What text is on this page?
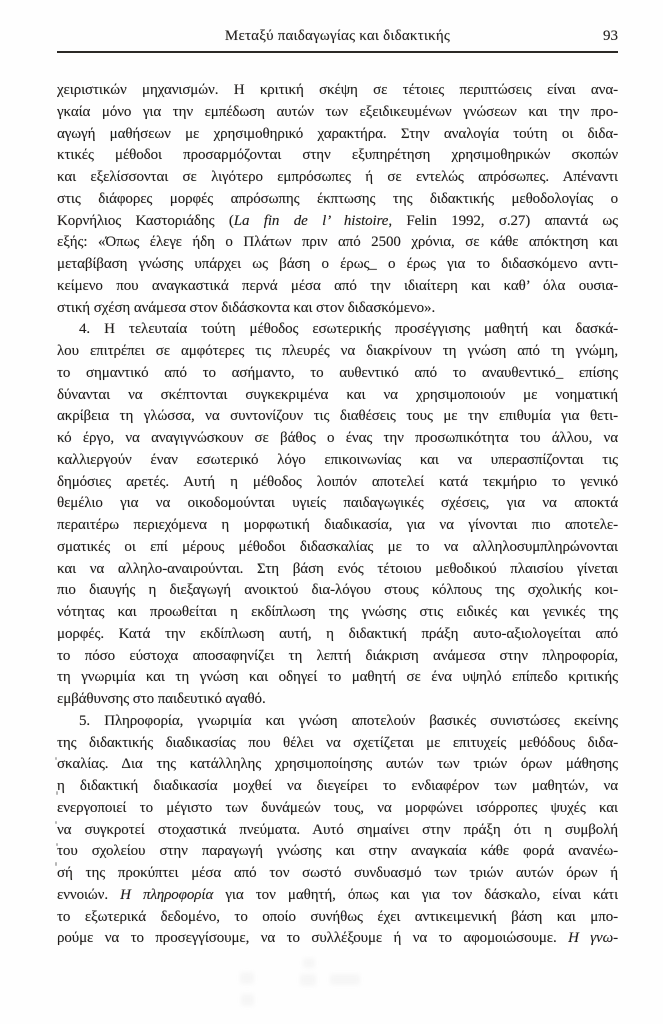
Μεταξύ παιδαγωγίας και διδακτικής	93
χειριστικών μηχανισμών. Η κριτική σκέψη σε τέτοιες περιπτώσεις είναι ανα-
γκαία μόνο για την εμπέδωση αυτών των εξειδικευμένων γνώσεων και την προ-
αγωγή μαθήσεων με χρησιμοθηρικό χαρακτήρα. Στην αναλογία τούτη οι διδα-
κτικές μέθοδοι προσαρμόζονται στην εξυπηρέτηση χρησιμοθηρικών σκοπών
και εξελίσσονται σε λιγότερο εμπρόσωπες ή σε εντελώς απρόσωπες. Απέναντι
στις διάφορες μορφές απρόσωπης έκπτωσης της διδακτικής μεθοδολογίας ο
Κορνήλιος Καστοριάδης (La fin de l’ histoire, Felin 1992, σ.27) απαντά ως
εξής: «Όπως έλεγε ήδη ο Πλάτων πριν από 2500 χρόνια, σε κάθε απόκτηση και
μεταβίβαση γνώσης υπάρχει ως βάση ο έρως_ ο έρως για το διδασκόμενο αντι-
κείμενο που αναγκαστικά περνά μέσα από την ιδιαίτερη και καθ’ όλα ουσια-
στική σχέση ανάμεσα στον διδάσκοντα και στον διδασκόμενο».
4. Η τελευταία τούτη μέθοδος εσωτερικής προσέγγισης μαθητή και δασκά-
λου επιτρέπει σε αμφότερες τις πλευρές να διακρίνουν τη γνώση από τη γνώμη,
το σημαντικό από το ασήμαντο, το αυθεντικό από το αναυθεντικό_ επίσης
δύνανται να σκέπτονται συγκεκριμένα και να χρησιμοποιούν με νοηματική
ακρίβεια τη γλώσσα, να συντονίζουν τις διαθέσεις τους με την επιθυμία για θετι-
κό έργο, να αναγιγνώσκουν σε βάθος ο ένας την προσωπικότητα του άλλου, να
καλλιεργούν έναν εσωτερικό λόγο επικοινωνίας και να υπερασπίζονται τις
δημόσιες αρετές. Αυτή η μέθοδος λοιπόν αποτελεί κατά τεκμήριο το γενικό
θεμέλιο για να οικοδομούνται υγιείς παιδαγωγικές σχέσεις, για να αποκτά
περαιτέρω περιεχόμενα η μορφωτική διαδικασία, για να γίνονται πιο αποτελε-
σματικές οι επί μέρους μέθοδοι διδασκαλίας με το να αλληλοσυμπληρώνονται
και να αλληλο-αναιρούνται. Στη βάση ενός τέτοιου μεθοδικού πλαισίου γίνεται
πιο διαυγής η διεξαγωγή ανοικτού δια-λόγου στους κόλπους της σχολικής κοι-
νότητας και προωθείται η εκδίπλωση της γνώσης στις ειδικές και γενικές της
μορφές. Κατά την εκδίπλωση αυτή, η διδακτική πράξη αυτο-αξιολογείται από
το πόσο εύστοχα αποσαφηνίζει τη λεπτή διάκριση ανάμεσα στην πληροφορία,
τη γνωριμία και τη γνώση και οδηγεί το μαθητή σε ένα υψηλό επίπεδο κριτικής
εμβάθυνσης στο παιδευτικό αγαθό.
5. Πληροφορία, γνωριμία και γνώση αποτελούν βασικές συνιστώσες εκείνης
της διδακτικής διαδικασίας που θέλει να σχετίζεται με επιτυχείς μεθόδους διδα-
σκαλίας. Δια της κατάλληλης χρησιμοποίησης αυτών των τριών όρων μάθησης
η διδακτική διαδικασία μοχθεί να διεγείρει το ενδιαφέρον των μαθητών, να
ενεργοποιεί το μέγιστο των δυνάμεών τους, να μορφώνει ισόρροπες ψυχές και
να συγκροτεί στοχαστικά πνεύματα. Αυτό σημαίνει στην πράξη ότι η συμβολή
του σχολείου στην παραγωγή γνώσης και στην αναγκαία κάθε φορά ανανέω-
σή της προκύπτει μέσα από τον σωστό συνδυασμό των τριών αυτών όρων ή
εννοιών. Η πληροφορία για τον μαθητή, όπως και για τον δάσκαλο, είναι κάτι
το εξωτερικά δεδομένο, το οποίο συνήθως έχει αντικειμενική βάση και μπο-
ρούμε να το προσεγγίσουμε, να το συλλέξουμε ή να το αφομοιώσουμε. Η γνω-
